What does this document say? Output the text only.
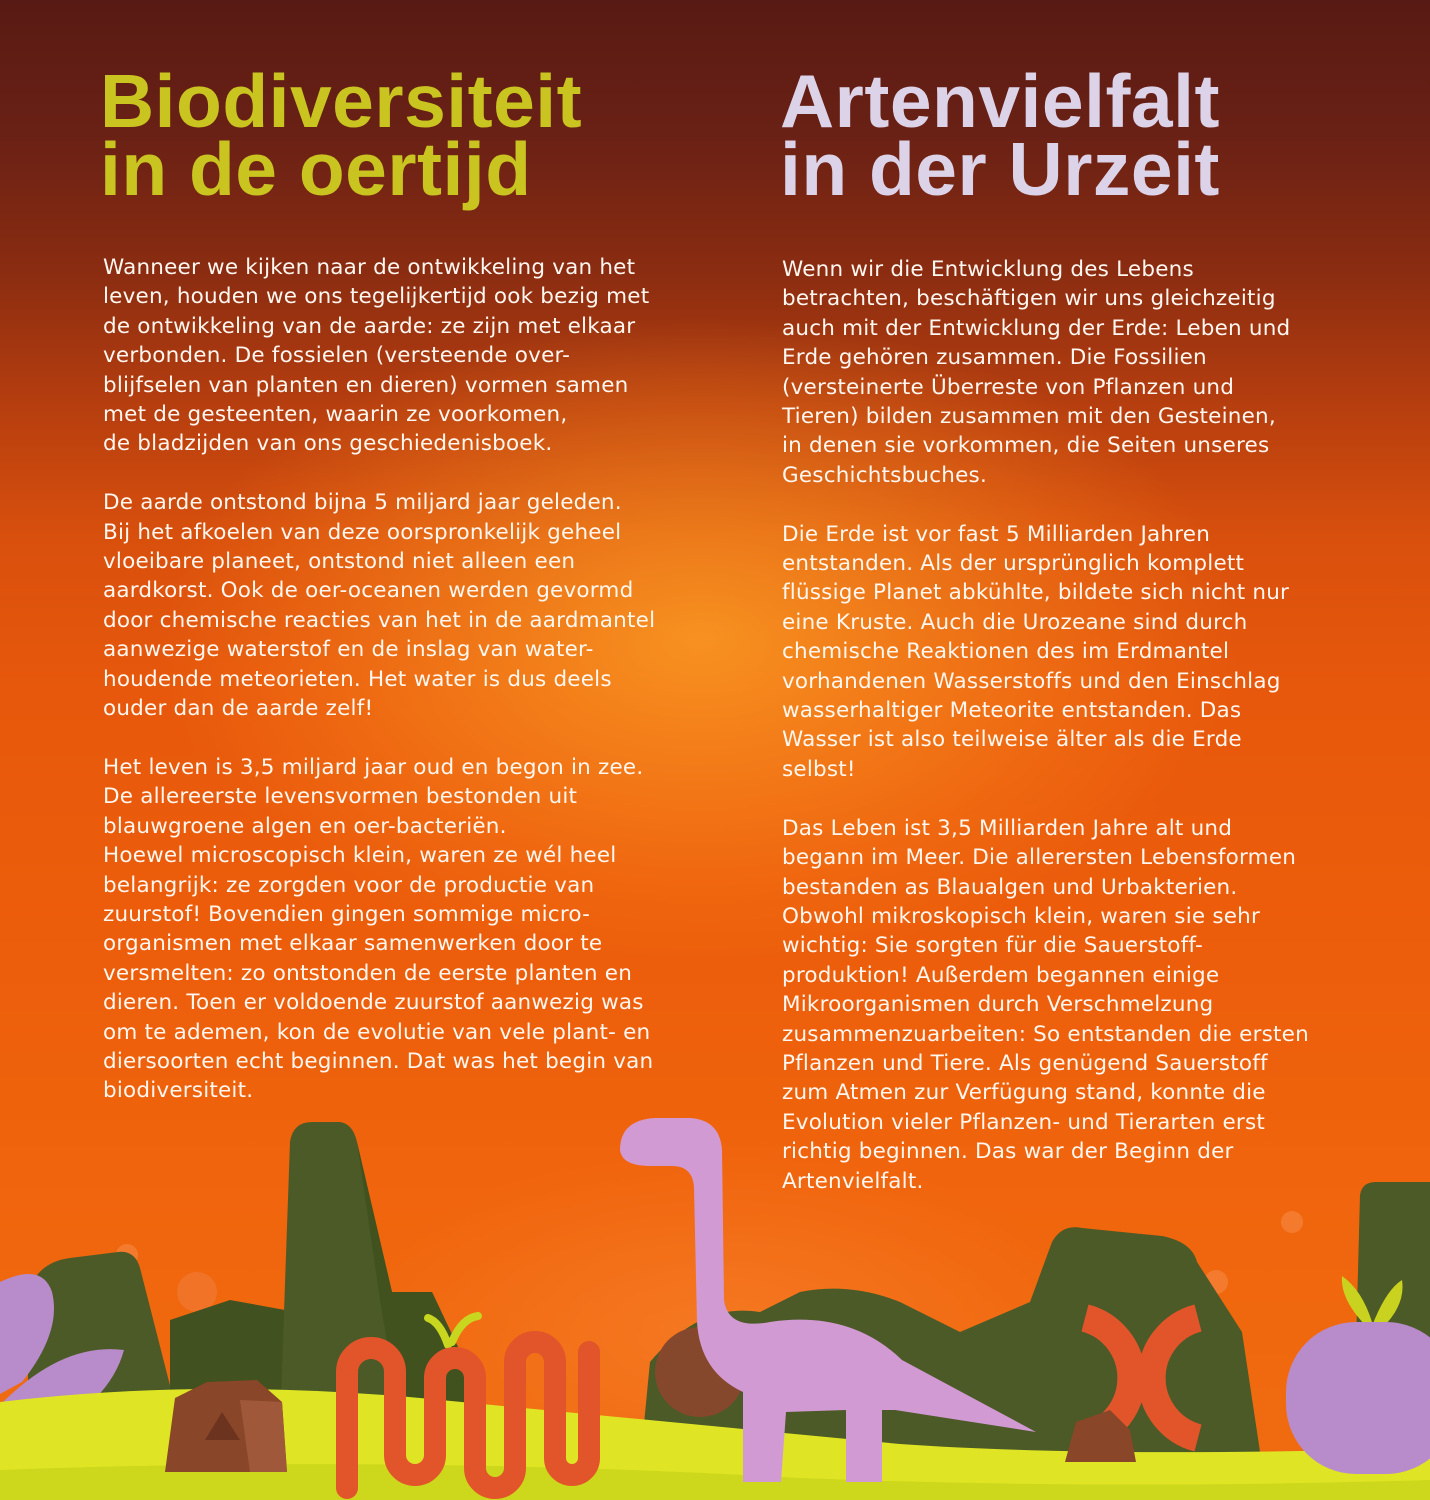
Biodiversiteit
in de oertijd

Wanneer we kijken naar de ontwikkeling van het
leven, houden we ons tegelijkertijd ook bezig met
de ontwikkeling van de aarde: ze zijn met elkaar
verbonden. De fossielen (versteende over-
blijfselen van planten en dieren) vormen samen
met de gesteenten, waarin ze voorkomen,
de bladzijden van ons geschiedenisboek.

De aarde ontstond bijna 5 miljard jaar geleden.
Bij het afkoelen van deze oorspronkelijk geheel
vloeibare planeet, ontstond niet alleen een
aardkorst. Ook de oer-oceanen werden gevormd
door chemische reacties van het in de aardmantel
aanwezige waterstof en de inslag van water-
houdende meteorieten. Het water is dus deels
ouder dan de aarde zelf!

Het leven is 3,5 miljard jaar oud en begon in zee.
De allereerste levensvormen bestonden uit
blauwgroene algen en oer-bacteriën.
Hoewel microscopisch klein, waren ze wél heel
belangrijk: ze zorgden voor de productie van
zuurstof! Bovendien gingen sommige micro-
organismen met elkaar samenwerken door te
versmelten: zo ontstonden de eerste planten en
dieren. Toen er voldoende zuurstof aanwezig was
om te ademen, kon de evolutie van vele plant- en
diersoorten echt beginnen. Dat was het begin van
biodiversiteit.

Artenvielfalt
in der Urzeit

Wenn wir die Entwicklung des Lebens
betrachten, beschäftigen wir uns gleichzeitig
auch mit der Entwicklung der Erde: Leben und
Erde gehören zusammen. Die Fossilien
(versteinerte Überreste von Pflanzen und
Tieren) bilden zusammen mit den Gesteinen,
in denen sie vorkommen, die Seiten unseres
Geschichtsbuches.

Die Erde ist vor fast 5 Milliarden Jahren
entstanden. Als der ursprünglich komplett
flüssige Planet abkühlte, bildete sich nicht nur
eine Kruste. Auch die Urozeane sind durch
chemische Reaktionen des im Erdmantel
vorhandenen Wasserstoffs und den Einschlag
wasserhaltiger Meteorite entstanden. Das
Wasser ist also teilweise älter als die Erde
selbst!

Das Leben ist 3,5 Milliarden Jahre alt und
begann im Meer. Die allerersten Lebensformen
bestanden as Blaualgen und Urbakterien.
Obwohl mikroskopisch klein, waren sie sehr
wichtig: Sie sorgten für die Sauerstoff-
produktion! Außerdem begannen einige
Mikroorganismen durch Verschmelzung
zusammenzuarbeiten: So entstanden die ersten
Pflanzen und Tiere. Als genügend Sauerstoff
zum Atmen zur Verfügung stand, konnte die
Evolution vieler Pflanzen- und Tierarten erst
richtig beginnen. Das war der Beginn der
Artenvielfalt.
